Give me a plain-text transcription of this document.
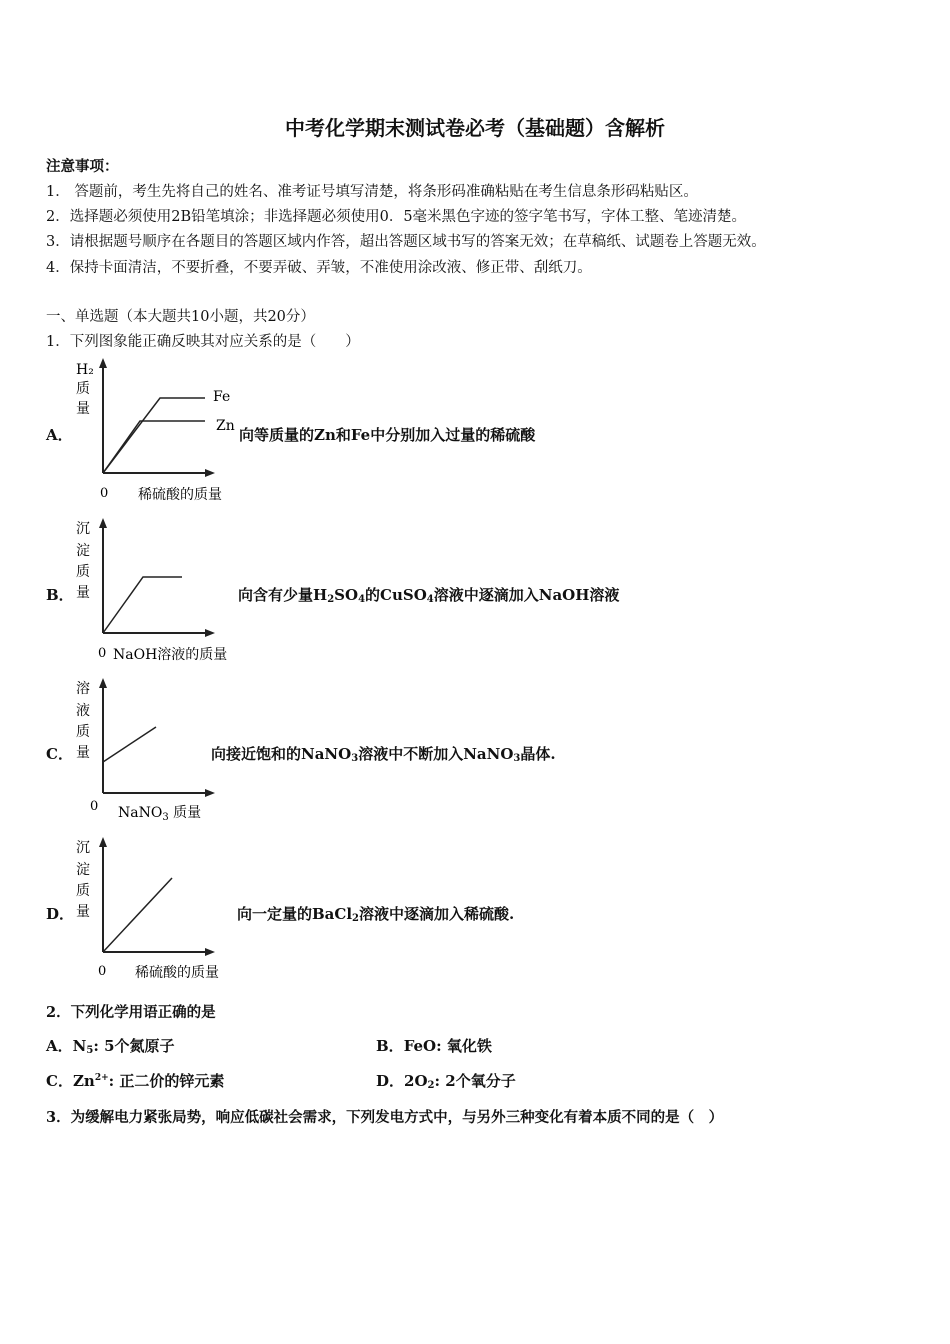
中考化学期末测试卷必考（基础题）含解析
注意事项：
1． 答题前，考生先将自己的姓名、准考证号填写清楚，将条形码准确粘贴在考生信息条形码粘贴区。
2．选择题必须使用2B铅笔填涂；非选择题必须使用0．5毫米黑色字迹的签字笔书写，字体工整、笔迹清楚。
3．请根据题号顺序在各题目的答题区域内作答，超出答题区域书写的答案无效；在草稿纸、试题卷上答题无效。
4．保持卡面清洁，不要折叠，不要弄破、弄皱，不准使用涂改液、修正带、刮纸刀。
一、单选题（本大题共10小题，共20分）
1．下列图象能正确反映其对应关系的是（　　）
A．
H₂
质
量
Fe
Zn
0 稀硫酸的质量
向等质量的Zn和Fe中分别加入过量的稀硫酸
B．
沉
淀
质
量
0 NaOH溶液的质量
向含有少量$H_2SO_4$的CuSO$_4$溶液中逐滴加入NaOH溶液
C．
溶
液
质
量
0 NaNO$_3$ 质量
向接近饱和的NaNO$_3$溶液中不断加入NaNO$_3$晶体.
D．
沉
淀
质
量
0 稀硫酸的质量
向一定量的BaCl$_2$溶液中逐滴加入稀硫酸.
2．下列化学用语正确的是
A．$N_5$: 5个氮原子	B．FeO: 氧化铁
C．$Zn^{2+}$: 正二价的锌元素	D．$2O_2$: 2个氧分子
3．为缓解电力紧张局势，响应低碳社会需求，下列发电方式中，与另外三种变化有着本质不同的是（　）
